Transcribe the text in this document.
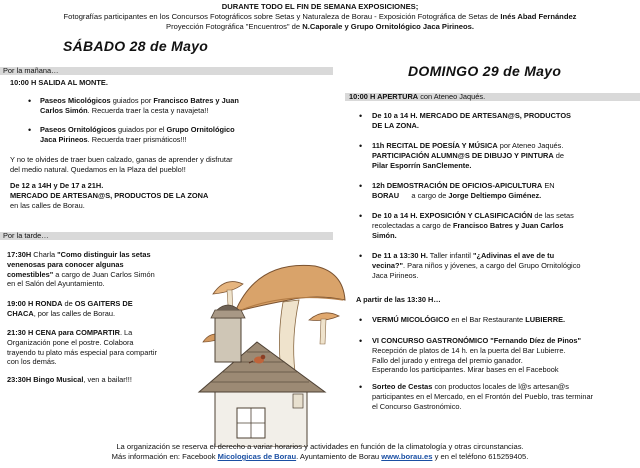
DURANTE TODO EL FIN DE SEMANA EXPOSICIONES;
Fotografías participantes en los Concursos Fotográficos sobre Setas y Naturaleza de Borau - Exposición Fotográfica de Setas de Inés Abad Fernández
Proyección Fotográfica "Encuentros" de N.Caporale y Grupo Ornitológico Jaca Pirineos.
SÁBADO 28 de Mayo
Por la mañana…
10:00 H SALIDA AL MONTE.
• Paseos Micológicos guiados por Francisco Batres y Juan
Carlos Simón. Recuerda traer la cesta y navajeta!!
• Paseos Ornitológicos guiados por el Grupo Ornitológico
Jaca Pirineos. Recuerda traer prismáticos!!!
Y no te olvides de traer buen calzado, ganas de aprender y disfrutar
del medio natural. Quedamos en la Plaza del pueblo!!
De 12 a 14H y De 17 a 21H.
MERCADO DE ARTESAN@S, PRODUCTOS DE LA ZONA
en las calles de Borau.
Por la tarde…
17:30H Charla "Como distinguir las setas
venenosas para conocer algunas
comestibles" a cargo de Juan Carlos Simón
en el Salón del Ayuntamiento.
19:00 H RONDA de OS GAITERS DE
CHACA, por las calles de Borau.
21:30 H CENA para COMPARTIR. La
Organización pone el postre. Colabora
trayendo tu plato más especial para compartir
con los demás.
23:30H Bingo Musical, ven a bailar!!!
DOMINGO 29 de Mayo
10:00 H APERTURA con Ateneo Jaqués.
• De 10 a 14 H. MERCADO DE ARTESAN@S, PRODUCTOS
DE LA ZONA.
• 11h RECITAL DE POESÍA Y MÚSICA por Ateneo Jaqués.
PARTICIPACIÓN ALUMN@S DE DIBUJO Y PINTURA de
Pilar Esporrín SanClemente.
• 12h DEMOSTRACIÓN DE OFICIOS-APICULTURA EN
BORAU      a cargo de Jorge Deltiempo Giménez.
• De 10 a 14 H. EXPOSICIÓN Y CLASIFICACIÓN de las setas
recolectadas a cargo de Francisco Batres y Juan Carlos
Simón.
• De 11 a 13:30 H. Taller infantil "¿Adivinas el ave de tu
vecina?". Para niños y jóvenes, a cargo del Grupo Ornitológico
Jaca Pirineos.
A partir de las 13:30 H…
• VERMÚ MICOLÓGICO en el Bar Restaurante LUBIERRE.
• VI CONCURSO GASTRONÓMICO "Fernando Díez de Pinos"
Recepción de platos de 14 h. en la puerta del Bar Lubierre.
Fallo del jurado y entrega del premio ganador.
Esperando los participantes. Mirar bases en el Facebook
• Sorteo de Cestas con productos locales de l@s artesan@s
participantes en el Mercado, en el Frontón del Pueblo, tras terminar
el Concurso Gastronómico.
La organización se reserva el derecho a variar horarios y actividades en función de la climatología y otras circunstancias.
Más información en: Facebook Micologicas de Borau. Ayuntamiento de Borau www.borau.es y en el teléfono 615259405.
